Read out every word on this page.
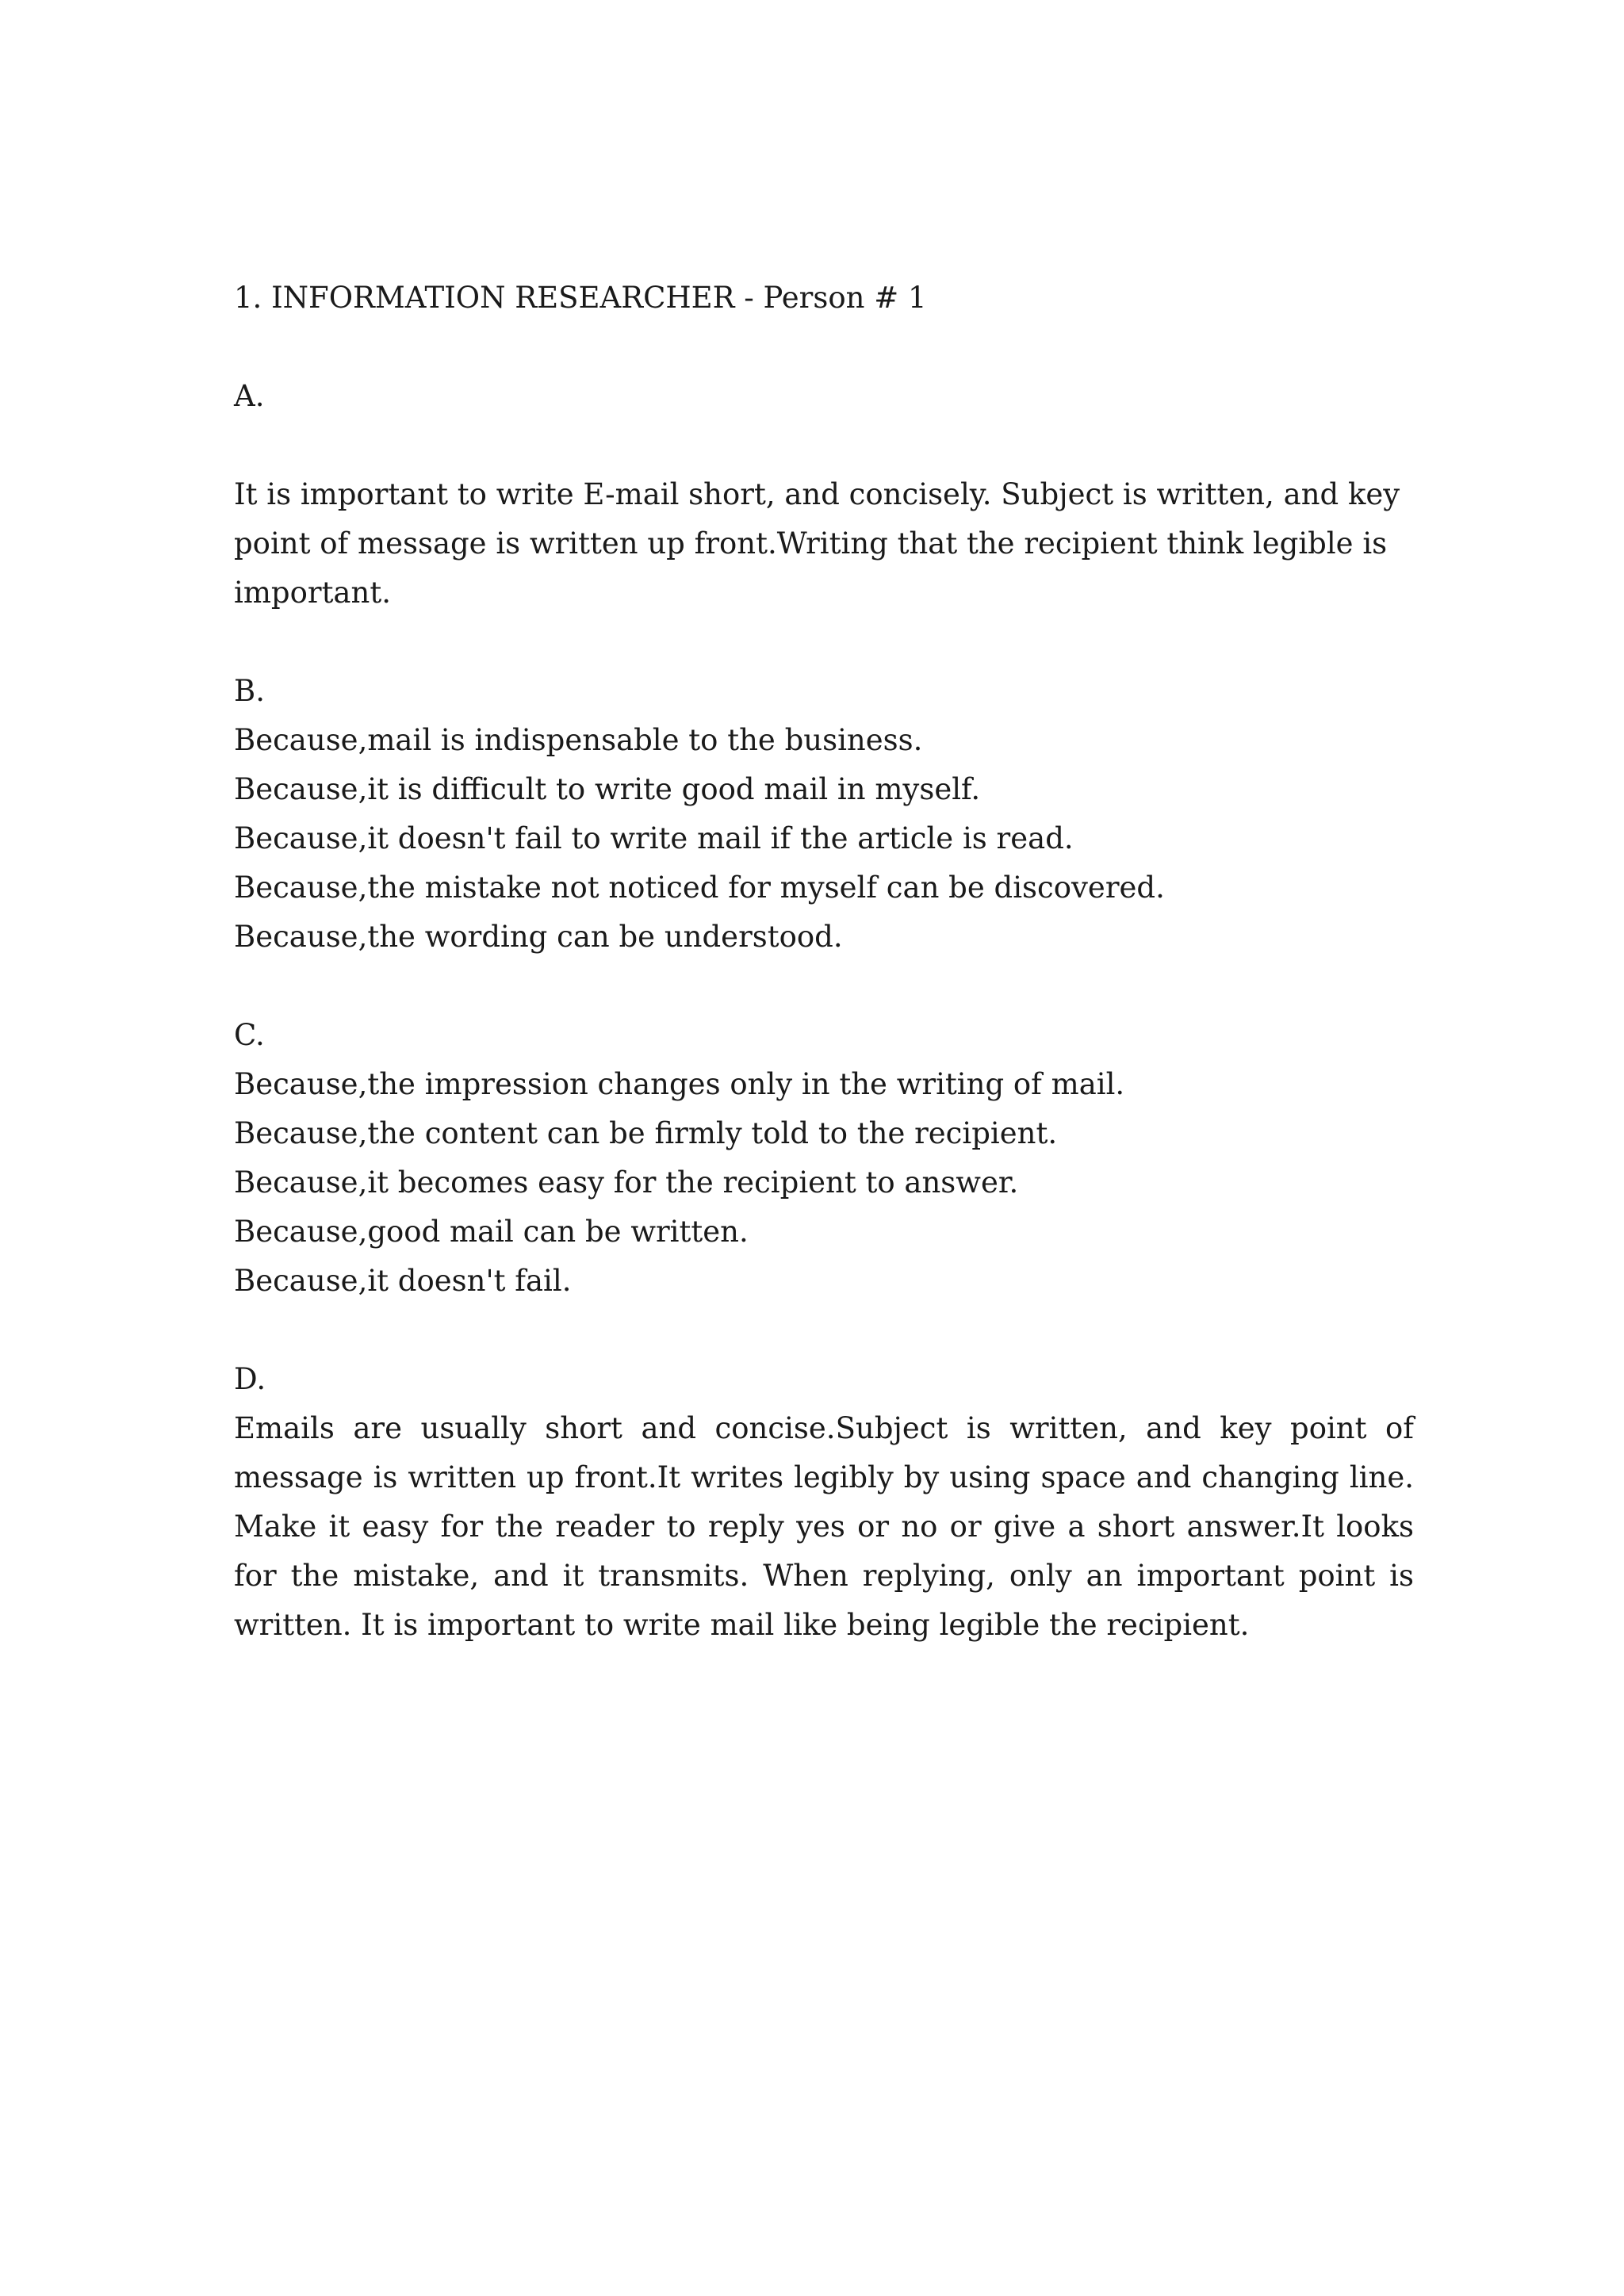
1. INFORMATION RESEARCHER - Person # 1

A.

It is important to write E-mail short, and concisely. Subject is written, and key point of message is written up front.Writing that the recipient think legible is important.

B.

Because,mail is indispensable to the business.

Because,it is difficult to write good mail in myself.

Because,it doesn't fail to write mail if the article is read.

Because,the mistake not noticed for myself can be discovered.

Because,the wording can be understood.

C.

Because,the impression changes only in the writing of mail.

Because,the content can be firmly told to the recipient.

Because,it becomes easy for the recipient to answer.

Because,good mail can be written.

Because,it doesn't fail.

D.

Emails are usually short and concise.Subject is written, and key point of message is written up front.It writes legibly by using space and changing line. Make it easy for the reader to reply yes or no or give a short answer.It looks for the mistake, and it transmits. When replying, only an important point is written. It is important to write mail like being legible the recipient.
